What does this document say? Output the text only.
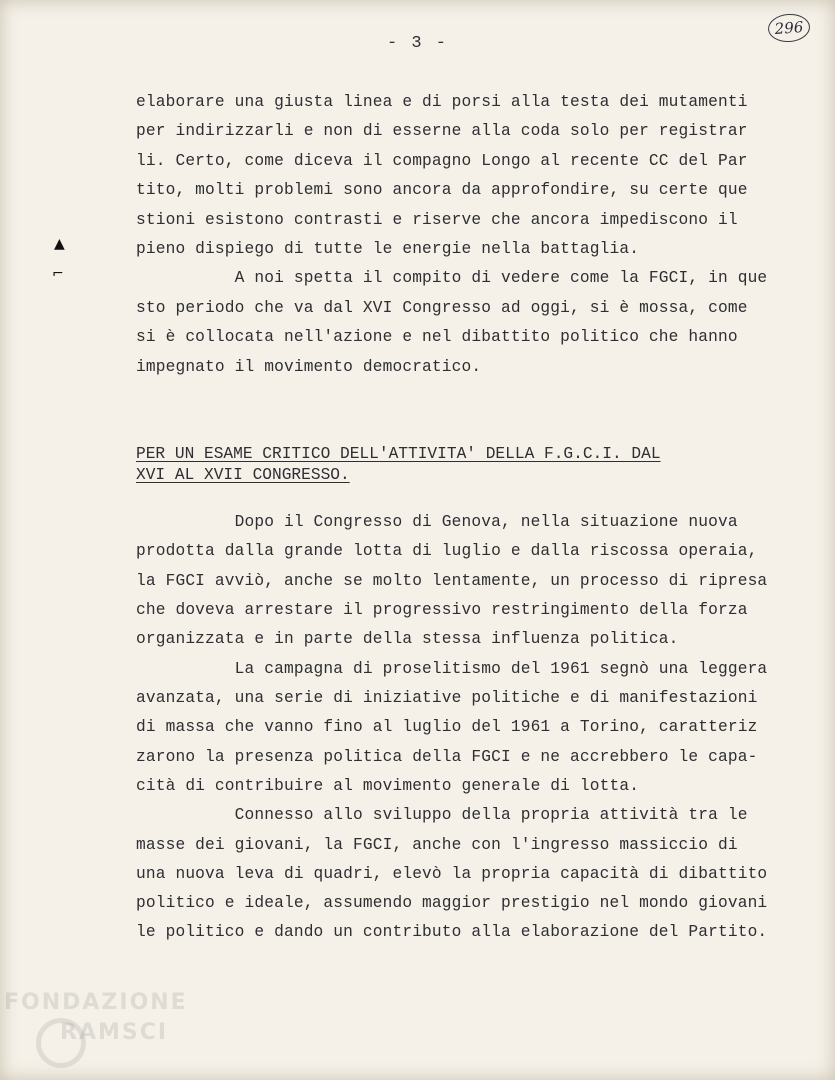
- 3 -
296
▲
⌐
elaborare una giusta linea e di porsi alla testa dei mutamenti
per indirizzarli e non di esserne alla coda solo per registrar
li. Certo, come diceva il compagno Longo al recente CC del Par
tito, molti problemi sono ancora da approfondire, su certe que
stioni esistono contrasti e riserve che ancora impediscono il
pieno dispiego di tutte le energie nella battaglia.
A noi spetta il compito di vedere come la FGCI, in que
sto periodo che va dal XVI Congresso ad oggi, si è mossa, come
si è collocata nell'azione e nel dibattito politico che hanno
impegnato il movimento democratico.
PER UN ESAME CRITICO DELL'ATTIVITA' DELLA F.G.C.I. DAL
XVI AL XVII CONGRESSO.
Dopo il Congresso di Genova, nella situazione nuova
prodotta dalla grande lotta di luglio e dalla riscossa operaia,
la FGCI avviò, anche se molto lentamente, un processo di ripresa
che doveva arrestare il progressivo restringimento della forza
organizzata e in parte della stessa influenza politica.
La campagna di proselitismo del 1961 segnò una leggera
avanzata, una serie di iniziative politiche e di manifestazioni
di massa che vanno fino al luglio del 1961 a Torino, caratteriz
zarono la presenza politica della FGCI e ne accrebbero le capa-
cità di contribuire al movimento generale di lotta.
Connesso allo sviluppo della propria attività tra le
masse dei giovani, la FGCI, anche con l'ingresso massiccio di
una nuova leva di quadri, elevò la propria capacità di dibattito
politico e ideale, assumendo maggior prestigio nel mondo giovani
le politico e dando un contributo alla elaborazione del Partito.
FONDAZIONE
RAMSCI
